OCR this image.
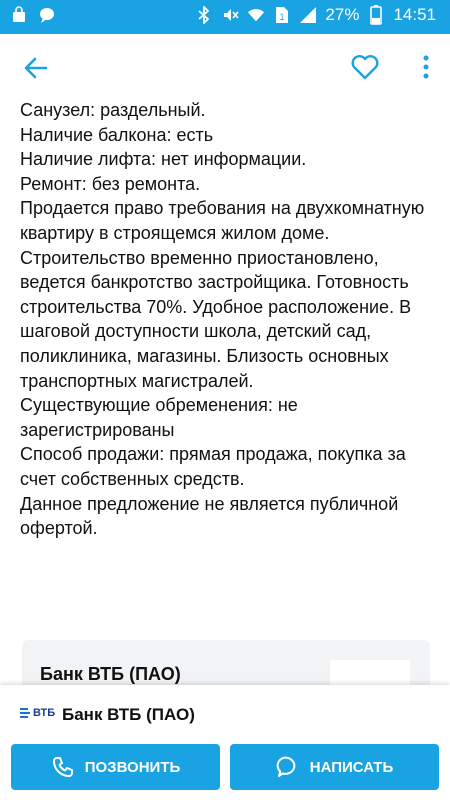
1 27% 14:51

Санузел: раздельный.

Наличие балкона: есть

Наличие лифта: нет информации.

Ремонт: без ремонта.

Продается право требования на двухкомнатную квартиру в строящемся жилом доме. Строительство временно приостановлено, ведется банкротство застройщика. Готовность строительства 70%. Удобное расположение. В шаговой доступности школа, детский сад, поликлиника, магазины. Близость основных транспортных магистралей.

Существующие обременения: не зарегистрированы

Способ продажи: прямая продажа, покупка за счет собственных средств.

Данное предложение не является публичной офертой.

Банк ВТБ (ПАО)
ВТБ Банк ВТБ (ПАО)
ПОЗВОНИТЬ	НАПИСАТЬ
